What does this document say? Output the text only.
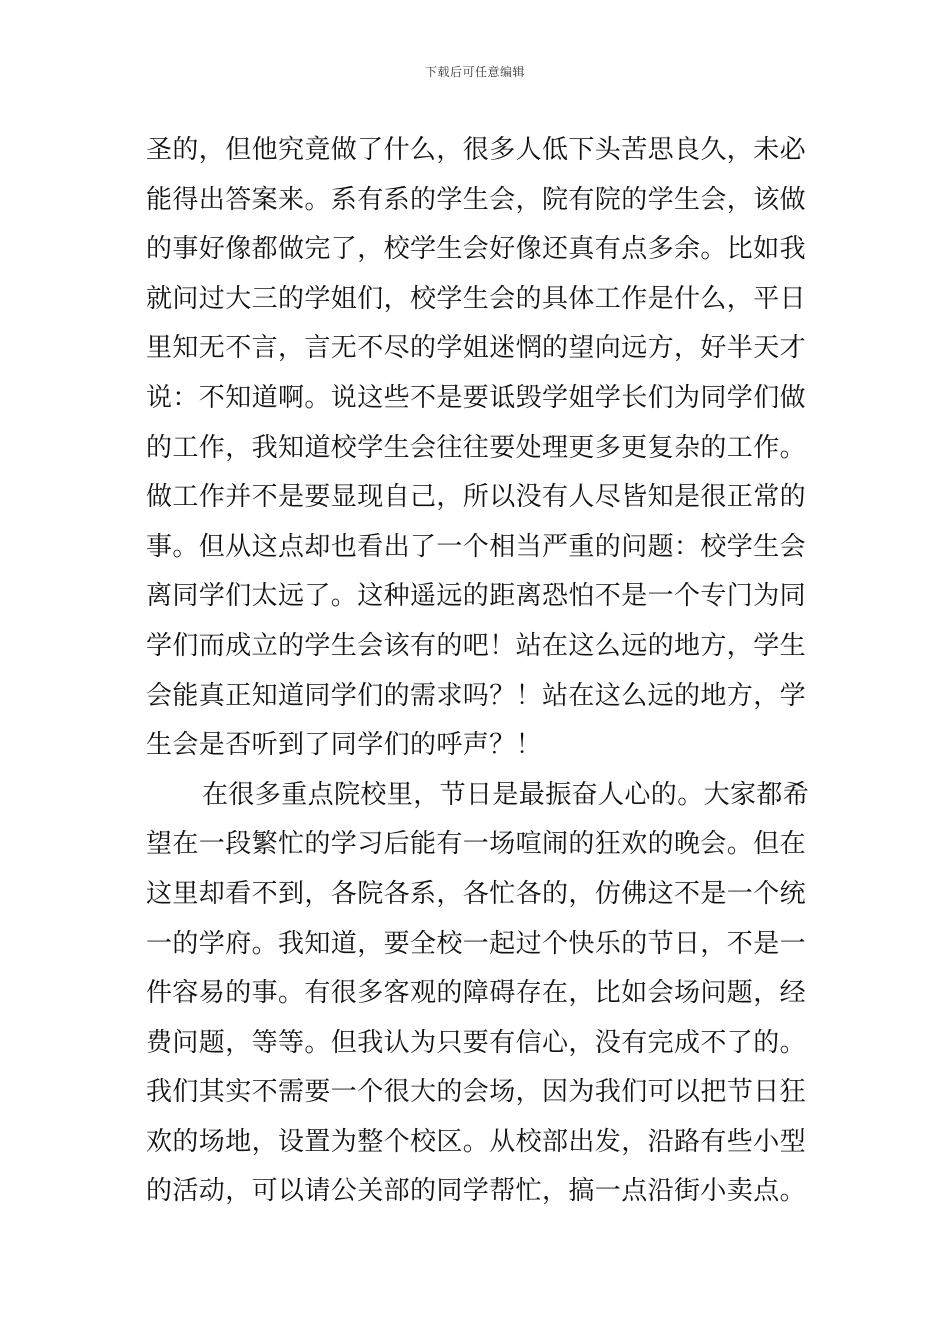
下载后可任意编辑
圣的，但他究竟做了什么，很多人低下头苦思良久，未必
能得出答案来。系有系的学生会，院有院的学生会，该做
的事好像都做完了，校学生会好像还真有点多余。比如我
就问过大三的学姐们，校学生会的具体工作是什么，平日
里知无不言，言无不尽的学姐迷惘的望向远方，好半天才
说：不知道啊。说这些不是要诋毁学姐学长们为同学们做
的工作，我知道校学生会往往要处理更多更复杂的工作。
做工作并不是要显现自己，所以没有人尽皆知是很正常的
事。但从这点却也看出了一个相当严重的问题：校学生会
离同学们太远了。这种遥远的距离恐怕不是一个专门为同
学们而成立的学生会该有的吧！站在这么远的地方，学生
会能真正知道同学们的需求吗？！站在这么远的地方，学
生会是否听到了同学们的呼声？！
在很多重点院校里，节日是最振奋人心的。大家都希
望在一段繁忙的学习后能有一场喧闹的狂欢的晚会。但在
这里却看不到，各院各系，各忙各的，仿佛这不是一个统
一的学府。我知道，要全校一起过个快乐的节日，不是一
件容易的事。有很多客观的障碍存在，比如会场问题，经
费问题，等等。但我认为只要有信心，没有完成不了的。
我们其实不需要一个很大的会场，因为我们可以把节日狂
欢的场地，设置为整个校区。从校部出发，沿路有些小型
的活动，可以请公关部的同学帮忙，搞一点沿街小卖点。
